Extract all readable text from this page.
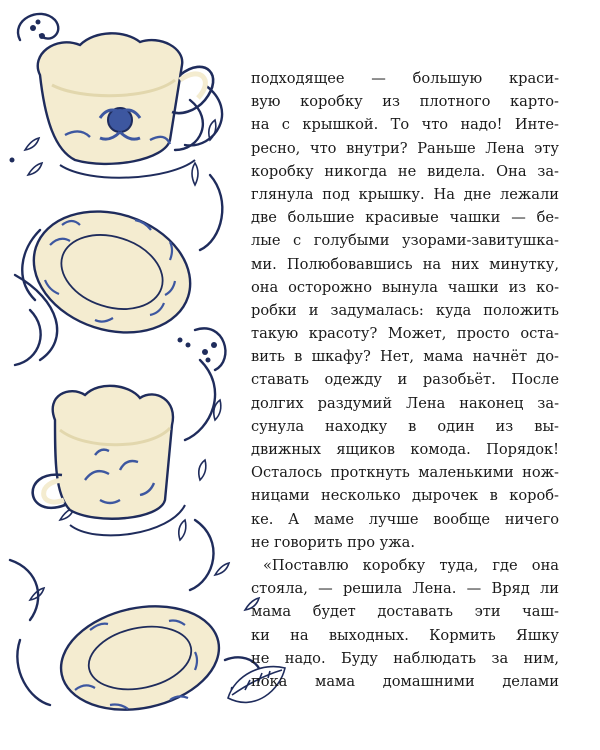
подходящее — большую краси-
вую коробку из плотного карто-
на с крышкой. То что надо! Инте-
ресно, что внутри? Раньше Лена эту
коробку никогда не видела. Она за-
глянула под крышку. На дне лежали
две большие красивые чашки — бе-
лые с голубыми узорами-завитушка-
ми. Полюбовавшись на них минутку,
она осторожно вынула чашки из ко-
робки и задумалась: куда положить
такую красоту? Может, просто оста-
вить в шкафу? Нет, мама начнёт до-
ставать одежду и разобьёт. После
долгих раздумий Лена наконец за-
сунула находку в один из вы-
движных ящиков комода. Порядок!
Осталось проткнуть маленькими нож-
ницами несколько дырочек в короб-
ке. А маме лучше вообще ничего
не говорить про ужа.
«Поставлю коробку туда, где она
стояла, — решила Лена. — Вряд ли
мама будет доставать эти чаш-
ки на выходных. Кормить Яшку
не надо. Буду наблюдать за ним,
пока мама домашними делами
